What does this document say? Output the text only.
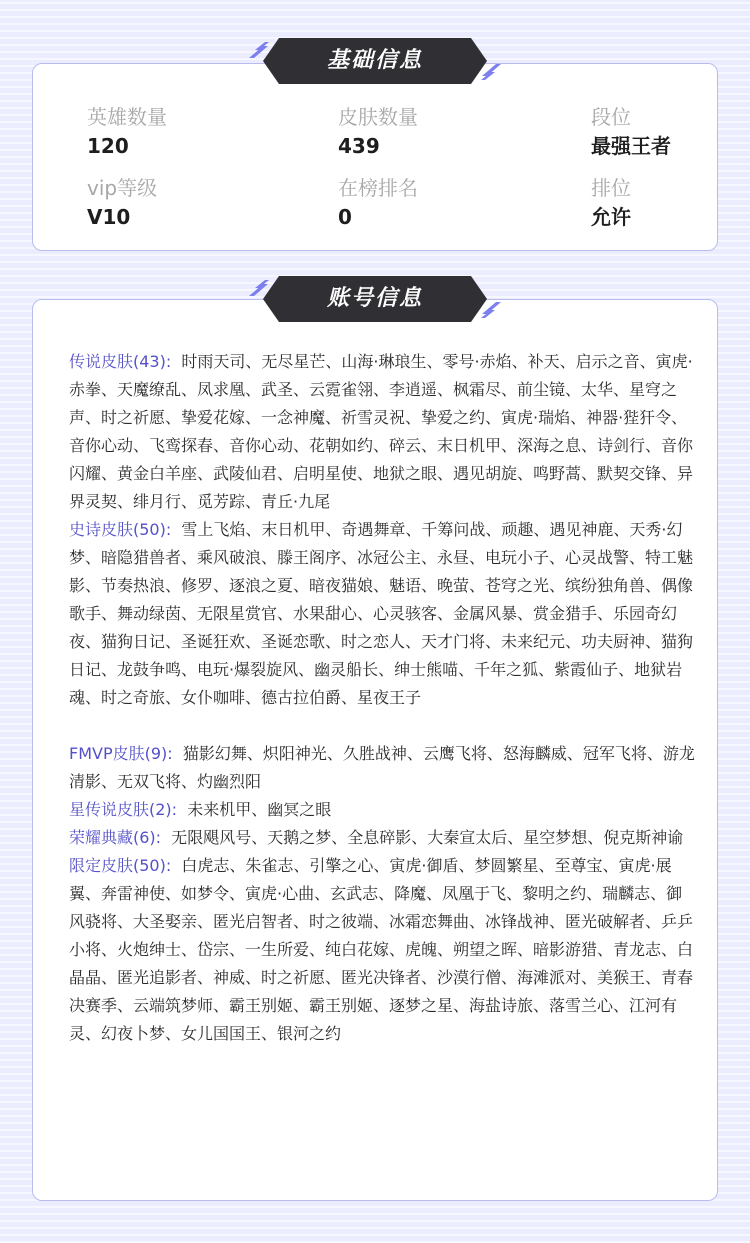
英雄数量
120
皮肤数量
439
段位
最强王者
vip等级
V10
在榜排名
0
排位
允许
传说皮肤(43): 时雨天司、无尽星芒、山海·琳琅生、零号·赤焰、补天、启示之音、寅虎·赤拳、天魔缭乱、凤求凰、武圣、云霓雀翎、李逍遥、枫霜尽、前尘镜、太华、星穹之声、时之祈愿、挚爱花嫁、一念神魔、祈雪灵祝、挚爱之约、寅虎·瑞焰、神器·狴犴令、音你心动、飞鸾探春、音你心动、花朝如约、碎云、末日机甲、深海之息、诗剑行、音你闪耀、黄金白羊座、武陵仙君、启明星使、地狱之眼、遇见胡旋、鸣野蒿、默契交锋、异界灵契、绯月行、觅芳踪、青丘·九尾
史诗皮肤(50): 雪上飞焰、末日机甲、奇遇舞章、千筹问战、顽趣、遇见神鹿、天秀·幻梦、暗隐猎兽者、乘风破浪、滕王阁序、冰冠公主、永昼、电玩小子、心灵战警、特工魅影、节奏热浪、修罗、逐浪之夏、暗夜猫娘、魅语、晚萤、苍穹之光、缤纷独角兽、偶像歌手、舞动绿茵、无限星赏官、水果甜心、心灵骇客、金属风暴、赏金猎手、乐园奇幻夜、猫狗日记、圣诞狂欢、圣诞恋歌、时之恋人、天才门将、未来纪元、功夫厨神、猫狗日记、龙鼓争鸣、电玩·爆裂旋风、幽灵船长、绅士熊喵、千年之狐、紫霞仙子、地狱岩魂、时之奇旅、女仆咖啡、德古拉伯爵、星夜王子
FMVP皮肤(9): 猫影幻舞、炽阳神光、久胜战神、云鹰飞将、怒海麟威、冠军飞将、游龙清影、无双飞将、灼幽烈阳
星传说皮肤(2): 未来机甲、幽冥之眼
荣耀典藏(6): 无限飓风号、天鹅之梦、全息碎影、大秦宣太后、星空梦想、倪克斯神谕
限定皮肤(50): 白虎志、朱雀志、引擎之心、寅虎·御盾、梦圆繁星、至尊宝、寅虎·展翼、奔雷神使、如梦令、寅虎·心曲、玄武志、降魔、凤凰于飞、黎明之约、瑞麟志、御风骁将、大圣娶亲、匿光启智者、时之彼端、冰霜恋舞曲、冰锋战神、匿光破解者、乒乒小将、火炮绅士、岱宗、一生所爱、纯白花嫁、虎魄、朔望之晖、暗影游猎、青龙志、白晶晶、匿光追影者、神威、时之祈愿、匿光决锋者、沙漠行僧、海滩派对、美猴王、青春决赛季、云端筑梦师、霸王别姬、霸王别姬、逐梦之星、海盐诗旅、落雪兰心、江河有灵、幻夜卜梦、女儿国国王、银河之约
基础信息
账号信息
